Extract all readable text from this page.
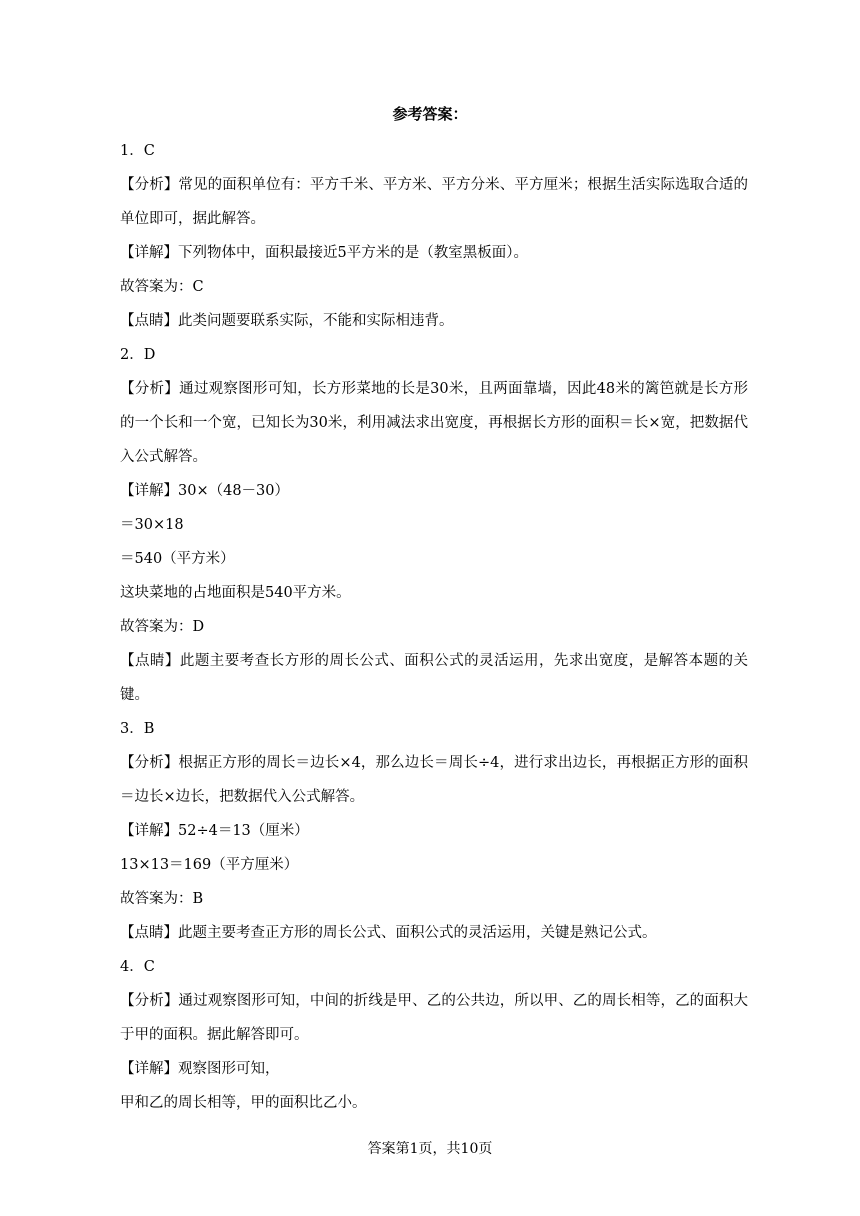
参考答案：
1．C
【分析】常见的面积单位有：平方千米、平方米、平方分米、平方厘米；根据生活实际选取合适的单位即可，据此解答。
【详解】下列物体中，面积最接近5平方米的是（教室黑板面）。
故答案为：C
【点睛】此类问题要联系实际，不能和实际相违背。
2．D
【分析】通过观察图形可知，长方形菜地的长是30米，且两面靠墙，因此48米的篱笆就是长方形的一个长和一个宽，已知长为30米，利用减法求出宽度，再根据长方形的面积＝长×宽，把数据代入公式解答。
【详解】30×（48－30）
＝30×18
＝540（平方米）
这块菜地的占地面积是540平方米。
故答案为：D
【点睛】此题主要考查长方形的周长公式、面积公式的灵活运用，先求出宽度，是解答本题的关键。
3．B
【分析】根据正方形的周长＝边长×4，那么边长＝周长÷4，进行求出边长，再根据正方形的面积＝边长×边长，把数据代入公式解答。
【详解】52÷4＝13（厘米）
13×13＝169（平方厘米）
故答案为：B
【点睛】此题主要考查正方形的周长公式、面积公式的灵活运用，关键是熟记公式。
4．C
【分析】通过观察图形可知，中间的折线是甲、乙的公共边，所以甲、乙的周长相等，乙的面积大于甲的面积。据此解答即可。
【详解】观察图形可知，
甲和乙的周长相等，甲的面积比乙小。
答案第1页，共10页
